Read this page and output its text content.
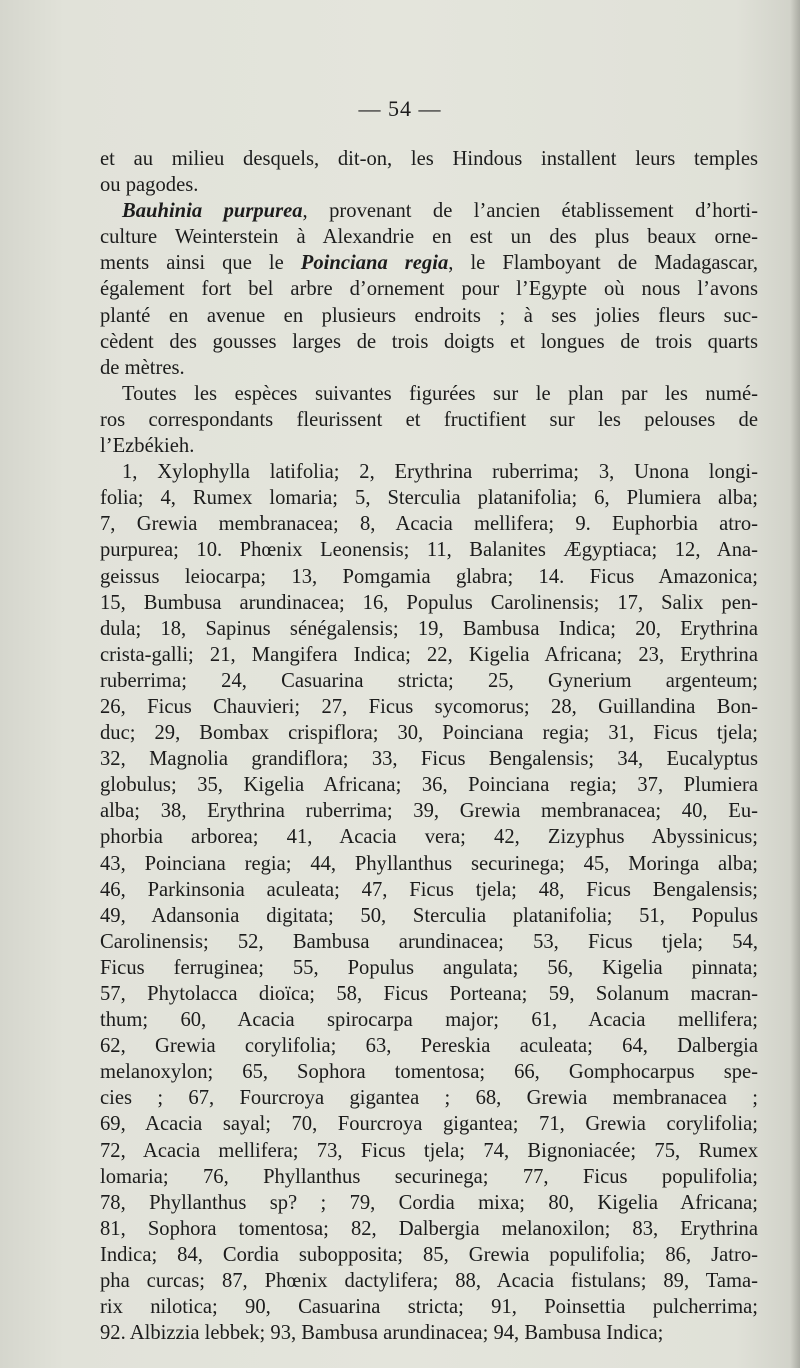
— 54 —
et au milieu desquels, dit-on, les Hindous installent leurs temples
ou pagodes.
Bauhinia purpurea, provenant de l’ancien établissement d’horti-
culture Weinterstein à Alexandrie en est un des plus beaux orne-
ments ainsi que le Poinciana regia, le Flamboyant de Madagascar,
également fort bel arbre d’ornement pour l’Egypte où nous l’avons
planté en avenue en plusieurs endroits ; à ses jolies fleurs suc-
cèdent des gousses larges de trois doigts et longues de trois quarts
de mètres.
Toutes les espèces suivantes figurées sur le plan par les numé-
ros correspondants fleurissent et fructifient sur les pelouses de
l’Ezbékieh.
1, Xylophylla latifolia; 2, Erythrina ruberrima; 3, Unona longi-
folia; 4, Rumex lomaria; 5, Sterculia platanifolia; 6, Plumiera alba;
7, Grewia membranacea; 8, Acacia mellifera; 9. Euphorbia atro-
purpurea; 10. Phœnix Leonensis; 11, Balanites Ægyptiaca; 12, Ana-
geissus leiocarpa; 13, Pomgamia glabra; 14. Ficus Amazonica;
15, Bumbusa arundinacea; 16, Populus Carolinensis; 17, Salix pen-
dula; 18, Sapinus sénégalensis; 19, Bambusa Indica; 20, Erythrina
crista-galli; 21, Mangifera Indica; 22, Kigelia Africana; 23, Erythrina
ruberrima; 24, Casuarina stricta; 25, Gynerium argenteum;
26, Ficus Chauvieri; 27, Ficus sycomorus; 28, Guillandina Bon-
duc; 29, Bombax crispiflora; 30, Poinciana regia; 31, Ficus tjela;
32, Magnolia grandiflora; 33, Ficus Bengalensis; 34, Eucalyptus
globulus; 35, Kigelia Africana; 36, Poinciana regia; 37, Plumiera
alba; 38, Erythrina ruberrima; 39, Grewia membranacea; 40, Eu-
phorbia arborea; 41, Acacia vera; 42, Zizyphus Abyssinicus;
43, Poinciana regia; 44, Phyllanthus securinega; 45, Moringa alba;
46, Parkinsonia aculeata; 47, Ficus tjela; 48, Ficus Bengalensis;
49, Adansonia digitata; 50, Sterculia platanifolia; 51, Populus
Carolinensis; 52, Bambusa arundinacea; 53, Ficus tjela; 54,
Ficus ferruginea; 55, Populus angulata; 56, Kigelia pinnata;
57, Phytolacca dioïca; 58, Ficus Porteana; 59, Solanum macran-
thum; 60, Acacia spirocarpa major; 61, Acacia mellifera;
62, Grewia corylifolia; 63, Pereskia aculeata; 64, Dalbergia
melanoxylon; 65, Sophora tomentosa; 66, Gomphocarpus spe-
cies ; 67, Fourcroya gigantea ; 68, Grewia membranacea ;
69, Acacia sayal; 70, Fourcroya gigantea; 71, Grewia corylifolia;
72, Acacia mellifera; 73, Ficus tjela; 74, Bignoniacée; 75, Rumex
lomaria; 76, Phyllanthus securinega; 77, Ficus populifolia;
78, Phyllanthus sp? ; 79, Cordia mixa; 80, Kigelia Africana;
81, Sophora tomentosa; 82, Dalbergia melanoxilon; 83, Erythrina
Indica; 84, Cordia subopposita; 85, Grewia populifolia; 86, Jatro-
pha curcas; 87, Phœnix dactylifera; 88, Acacia fistulans; 89, Tama-
rix nilotica; 90, Casuarina stricta; 91, Poinsettia pulcherrima;
92. Albizzia lebbek; 93, Bambusa arundinacea; 94, Bambusa Indica;
